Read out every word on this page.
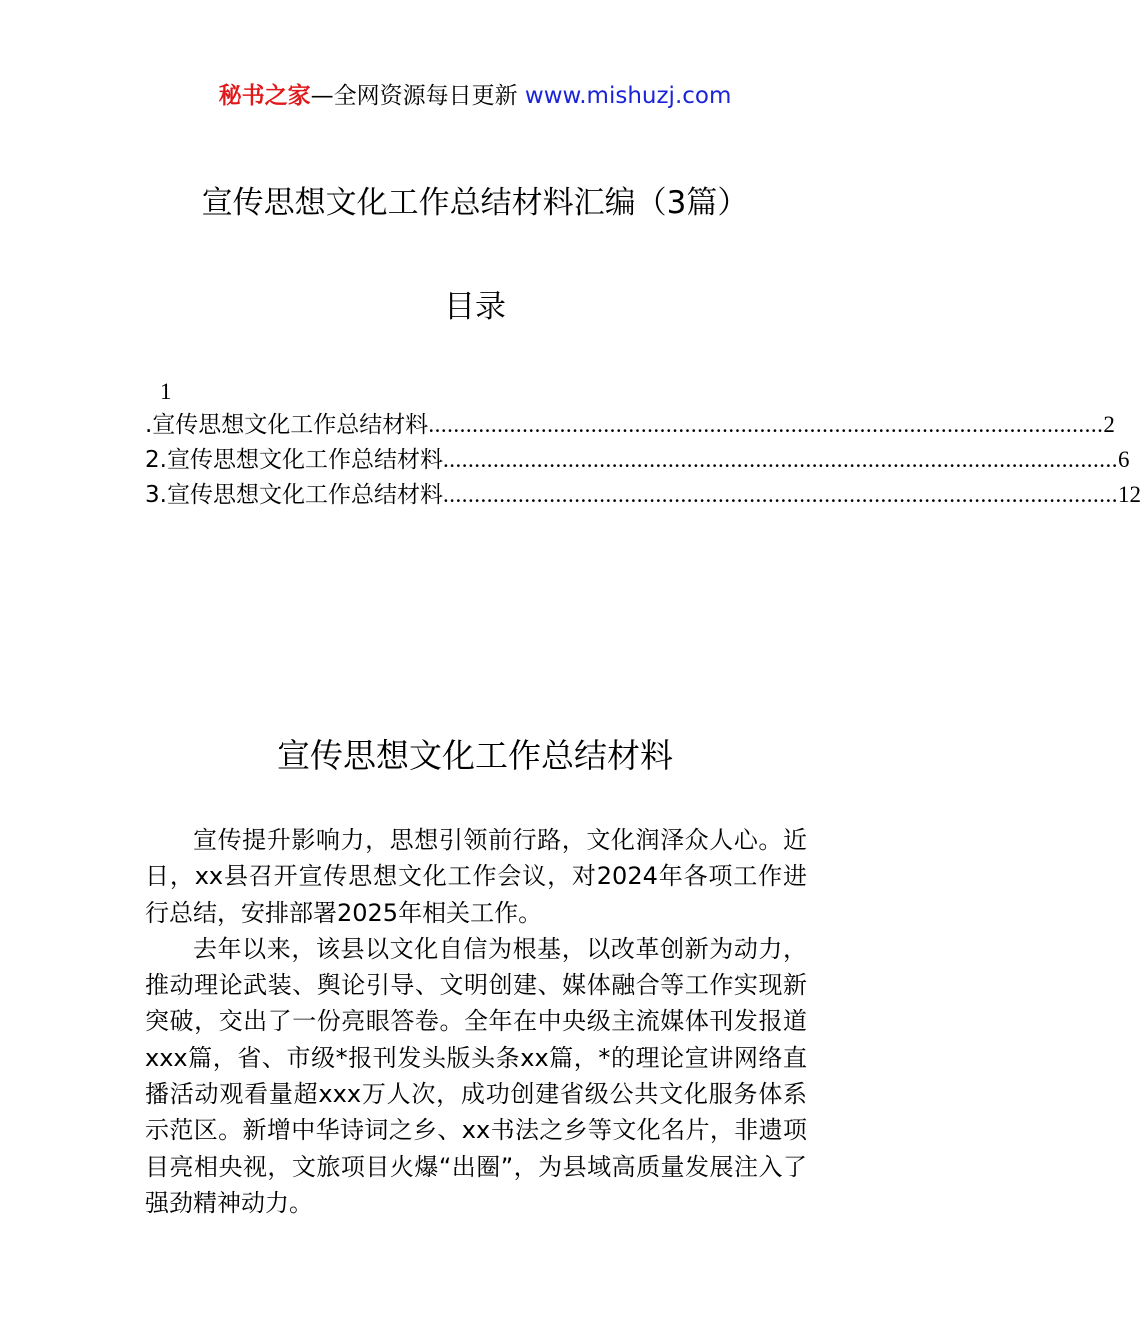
秘书之家—全网资源每日更新 www.mishuzj.com
宣传思想文化工作总结材料汇编（3篇）
目录
1
.宣传思想文化工作总结材料 ............................................................................................................ 2
2.宣传思想文化工作总结材料 ............................................................................................................ 6
3.宣传思想文化工作总结材料 ............................................................................................................ 12
宣传思想文化工作总结材料

宣传提升影响力，思想引领前行路，文化润泽众人心。近日，xx县召开宣传思想文化工作会议，对2024年各项工作进行总结，安排部署2025年相关工作。

去年以来，该县以文化自信为根基，以改革创新为动力，推动理论武装、舆论引导、文明创建、媒体融合等工作实现新突破，交出了一份亮眼答卷。全年在中央级主流媒体刊发报道xxx篇，省、市级*报刊发头版头条xx篇，*的理论宣讲网络直播活动观看量超xxx万人次，成功创建省级公共文化服务体系示范区。新增中华诗词之乡、xx书法之乡等文化名片，非遗项目亮相央视，文旅项目火爆“出圈”，为县域高质量发展注入了强劲精神动力。
